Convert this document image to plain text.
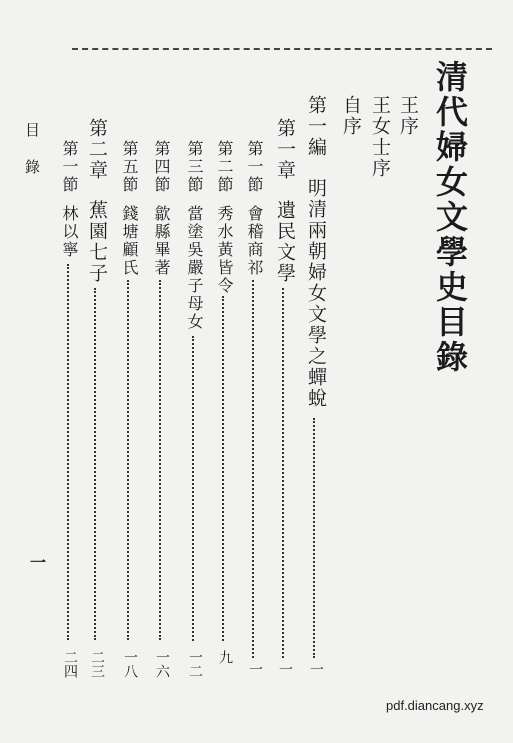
清代婦女文學史目錄
王序
王女士序
自序
第一編
明清兩朝婦女文學之蟬蛻
一
第一章
遺民文學
一
第一節
會稽商祁
一
第二節
秀水黃皆令
九
第三節
當塗吳嚴子母女
一二
第四節
歙縣畢著
一六
第五節
錢塘顧氏
一八
第二章
蕉園七子
二三
第一節
林以寧
二四
目錄
一
pdf.diancang.xyz
